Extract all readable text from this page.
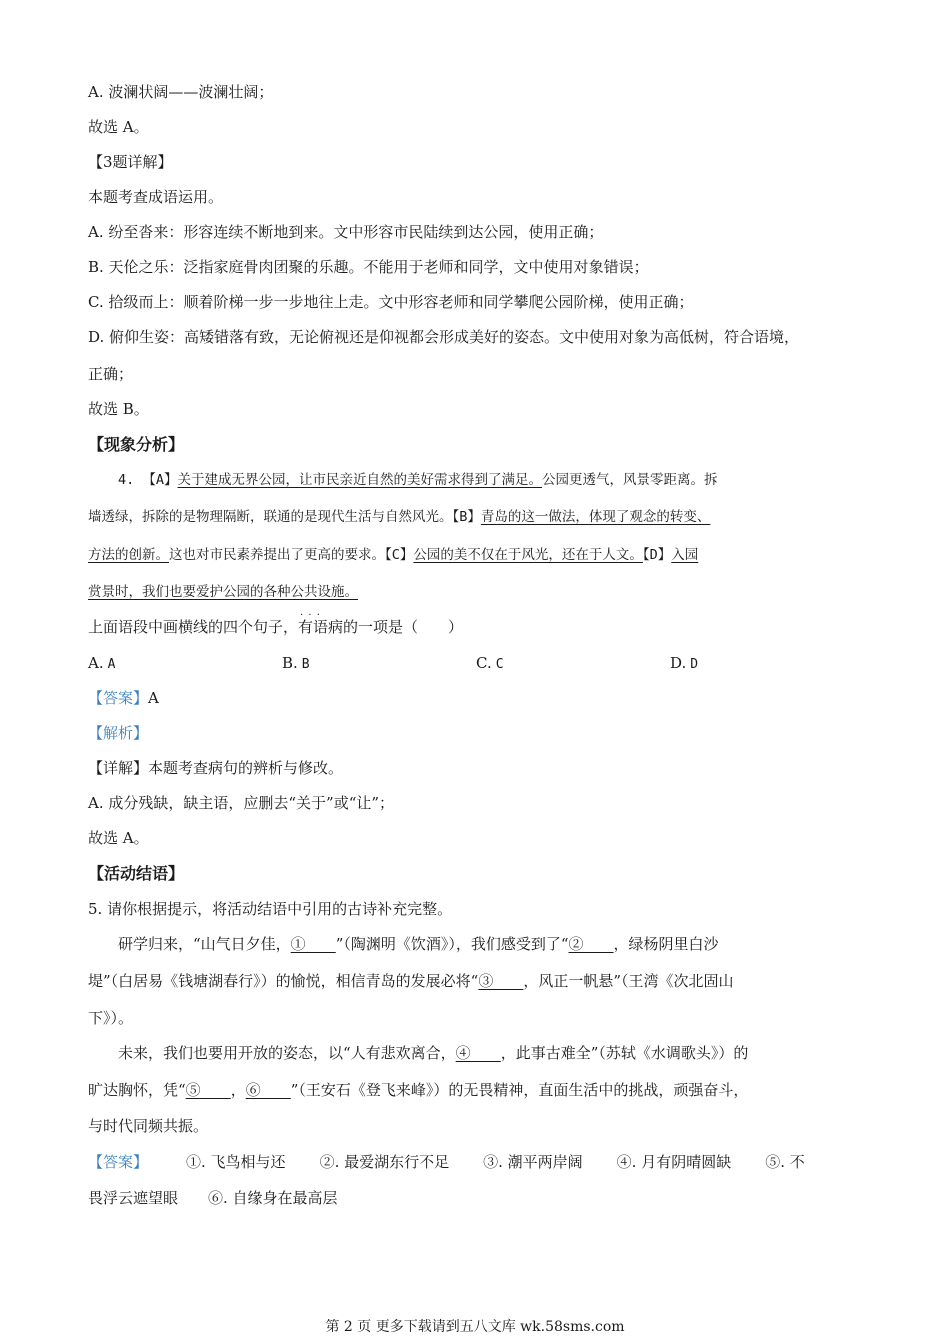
A. 波澜状阔——波澜壮阔；
故选 A。
【3题详解】
本题考查成语运用。
A. 纷至沓来：形容连续不断地到来。文中形容市民陆续到达公园，使用正确；
B. 天伦之乐：泛指家庭骨肉团聚的乐趣。不能用于老师和同学，文中使用对象错误；
C. 拾级而上：顺着阶梯一步一步地往上走。文中形容老师和同学攀爬公园阶梯，使用正确；
D. 俯仰生姿：高矮错落有致，无论俯视还是仰视都会形成美好的姿态。文中使用对象为高低树，符合语境，
正确；
故选 B。
【现象分析】
4. 【A】关于建成无界公园，让市民亲近自然的美好需求得到了满足。公园更透气，风景零距离。拆
墙透绿，拆除的是物理隔断，联通的是现代生活与自然风光。【B】青岛的这一做法，体现了观念的转变、
方法的创新。这也对市民素养提出了更高的要求。【C】公园的美不仅在于风光，还在于人文。【D】入园
赏景时，我们也要爱护公园的各种公共设施。
上面语段中画横线的四个句子，· · · 有语病的一项是（　　）
A. A	B. B	C. C	D. D
【答案】A
【解析】
【详解】本题考查病句的辨析与修改。
A. 成分残缺，缺主语，应删去“关于”或“让”；
故选 A。
【活动结语】
5. 请你根据提示，将活动结语中引用的古诗补充完整。
研学归来，“山气日夕佳，①____”（陶渊明《饮酒》），我们感受到了“②____，绿杨阴里白沙
堤”（白居易《钱塘湖春行》）的愉悦，相信青岛的发展必将“③____，风正一帆悬”（王湾《次北固山
下》）。
未来，我们也要用开放的姿态，以“人有悲欢离合，④____，此事古难全”（苏轼《水调歌头》）的
旷达胸怀，凭“⑤____，⑥____”（王安石《登飞来峰》）的无畏精神，直面生活中的挑战，顽强奋斗，
与时代同频共振。
【答案】	①. 飞鸟相与还 ②. 最爱湖东行不足 ③. 潮平两岸阔 ④. 月有阴晴圆缺 ⑤. 不
畏浮云遮望眼 ⑥. 自缘身在最高层
第 2 页 更多下载请到五八文库 wk.58sms.com
